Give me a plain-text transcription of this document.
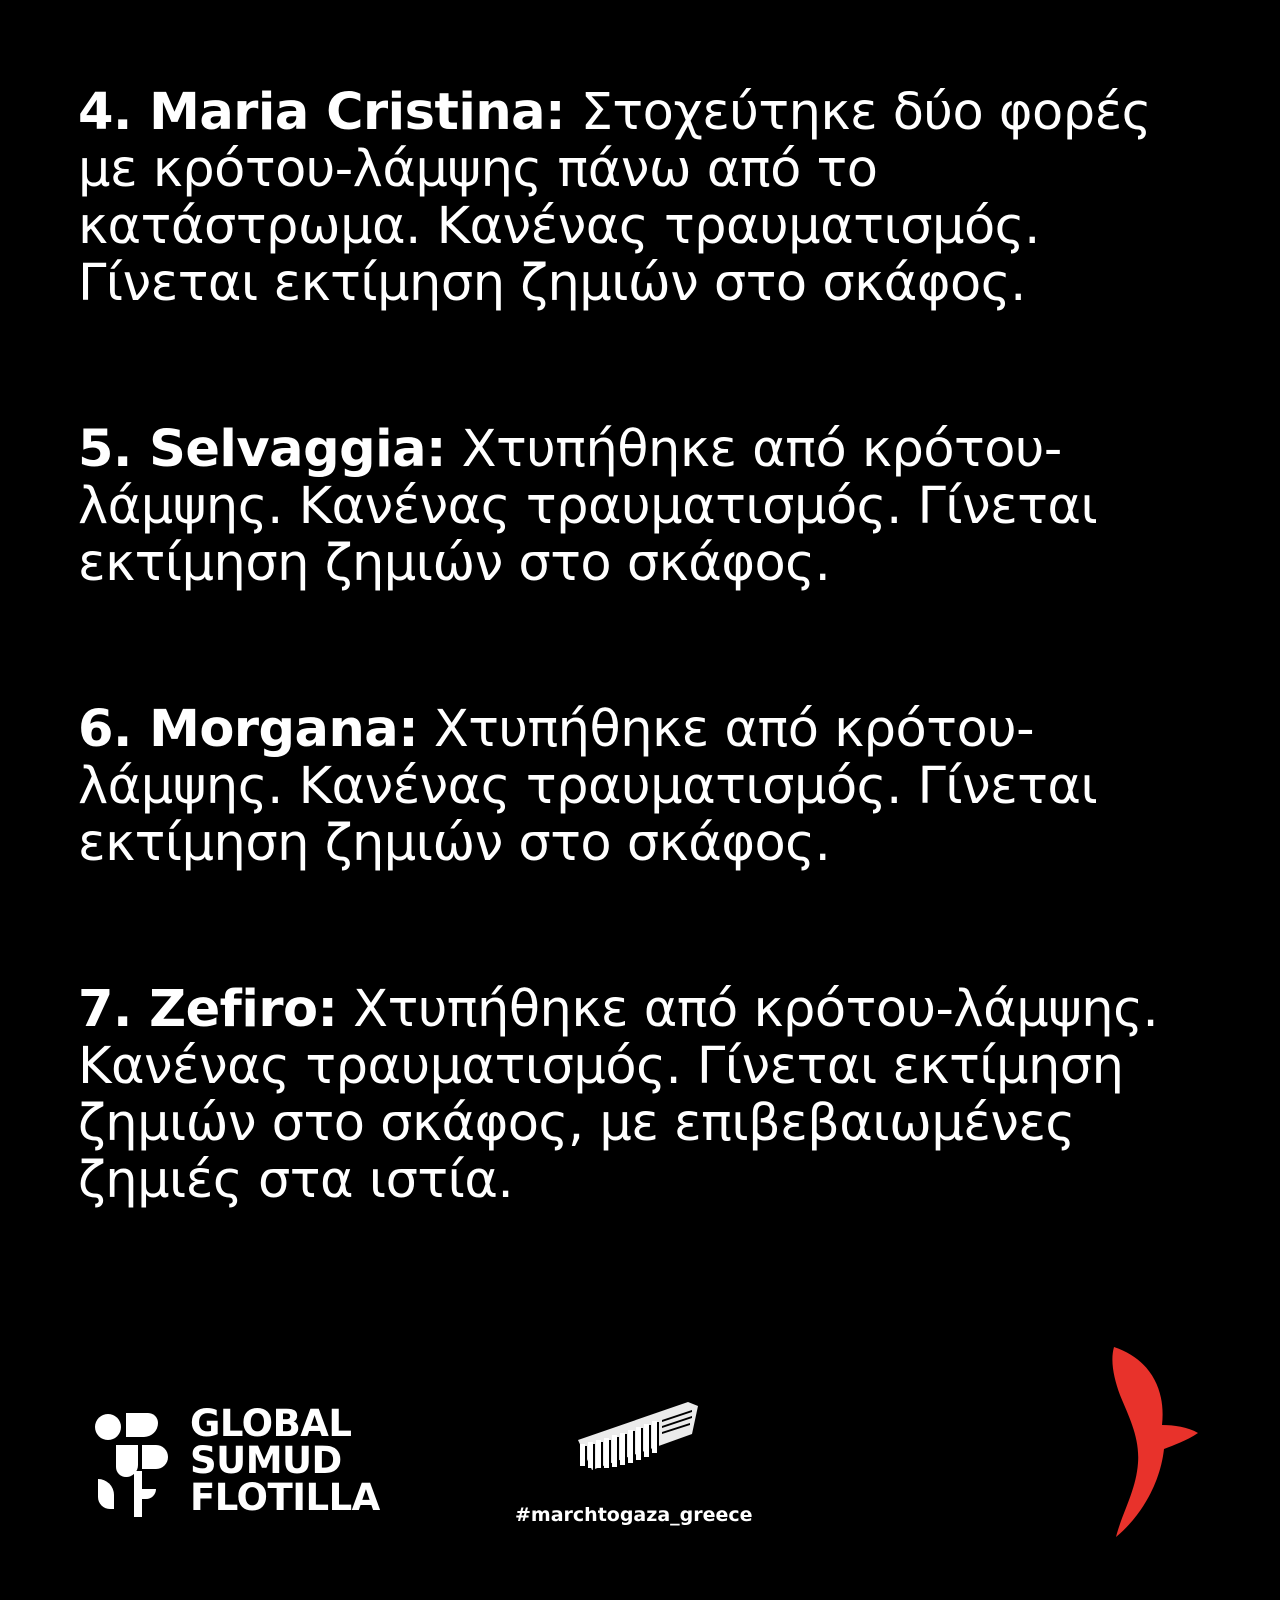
4. Maria Cristina: Στοχεύτηκε δύο φορές με κρότου-λάμψης πάνω από το κατάστρωμα. Κανένας τραυματισμός. Γίνεται εκτίμηση ζημιών στο σκάφος.

5. Selvaggia: Χτυπήθηκε από κρότου-λάμψης. Κανένας τραυματισμός. Γίνεται εκτίμηση ζημιών στο σκάφος.

6. Morgana: Χτυπήθηκε από κρότου-λάμψης. Κανένας τραυματισμός. Γίνεται εκτίμηση ζημιών στο σκάφος.

7. Zefiro: Χτυπήθηκε από κρότου-λάμψης. Κανένας τραυματισμός. Γίνεται εκτίμηση ζημιών στο σκάφος, με επιβεβαιωμένες ζημιές στα ιστία.

GLOBAL
SUMUD
FLOTILLA	#marchtogaza_greece
